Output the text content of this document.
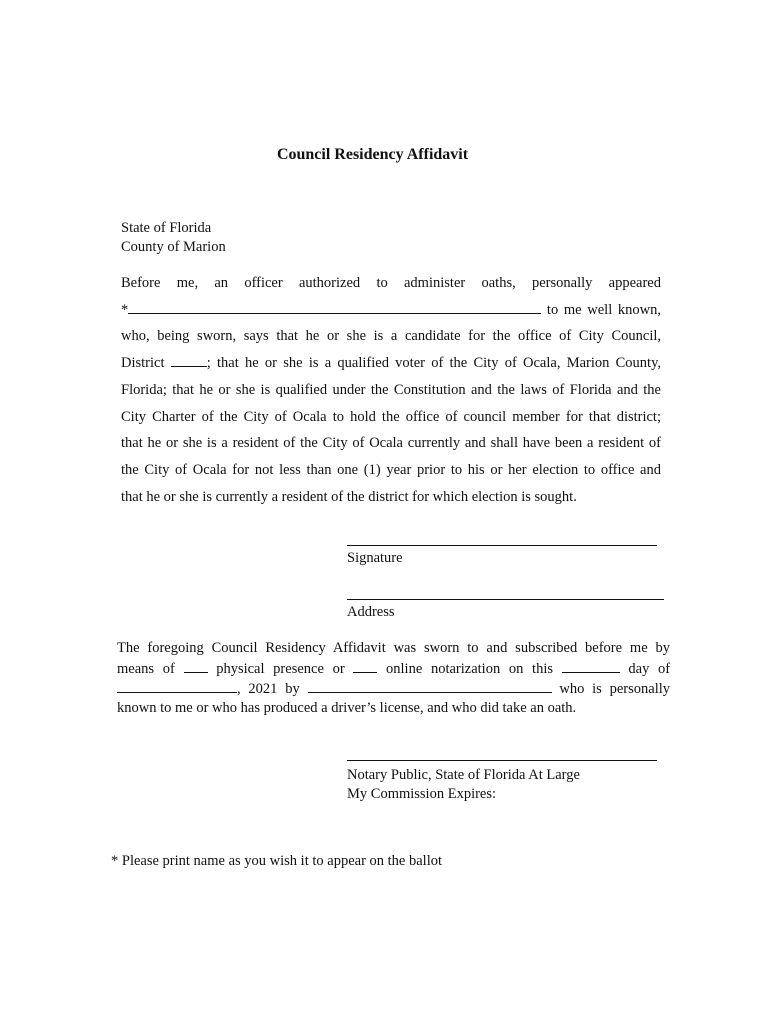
Council Residency Affidavit
State of Florida
County of Marion
Before me, an officer authorized to administer oaths, personally appeared
*	to me well known,
who, being sworn, says that he or she is a candidate for the office of City Council,
District	; that he or she is a qualified voter of the City of Ocala, Marion County,
Florida; that he or she is qualified under the Constitution and the laws of Florida and the
City Charter of the City of Ocala to hold the office of council member for that district;
that he or she is a resident of the City of Ocala currently and shall have been a resident of
the City of Ocala for not less than one (1) year prior to his or her election to office and
that he or she is currently a resident of the district for which election is sought.
Signature
Address
The foregoing Council Residency Affidavit was sworn to and subscribed before me by
means of	physical presence or	online notarization on this	day of
, 2021 by	who is personally
known to me or who has produced a driver’s license, and who did take an oath.
Notary Public, State of Florida At Large
My Commission Expires:
* Please print name as you wish it to appear on the ballot
